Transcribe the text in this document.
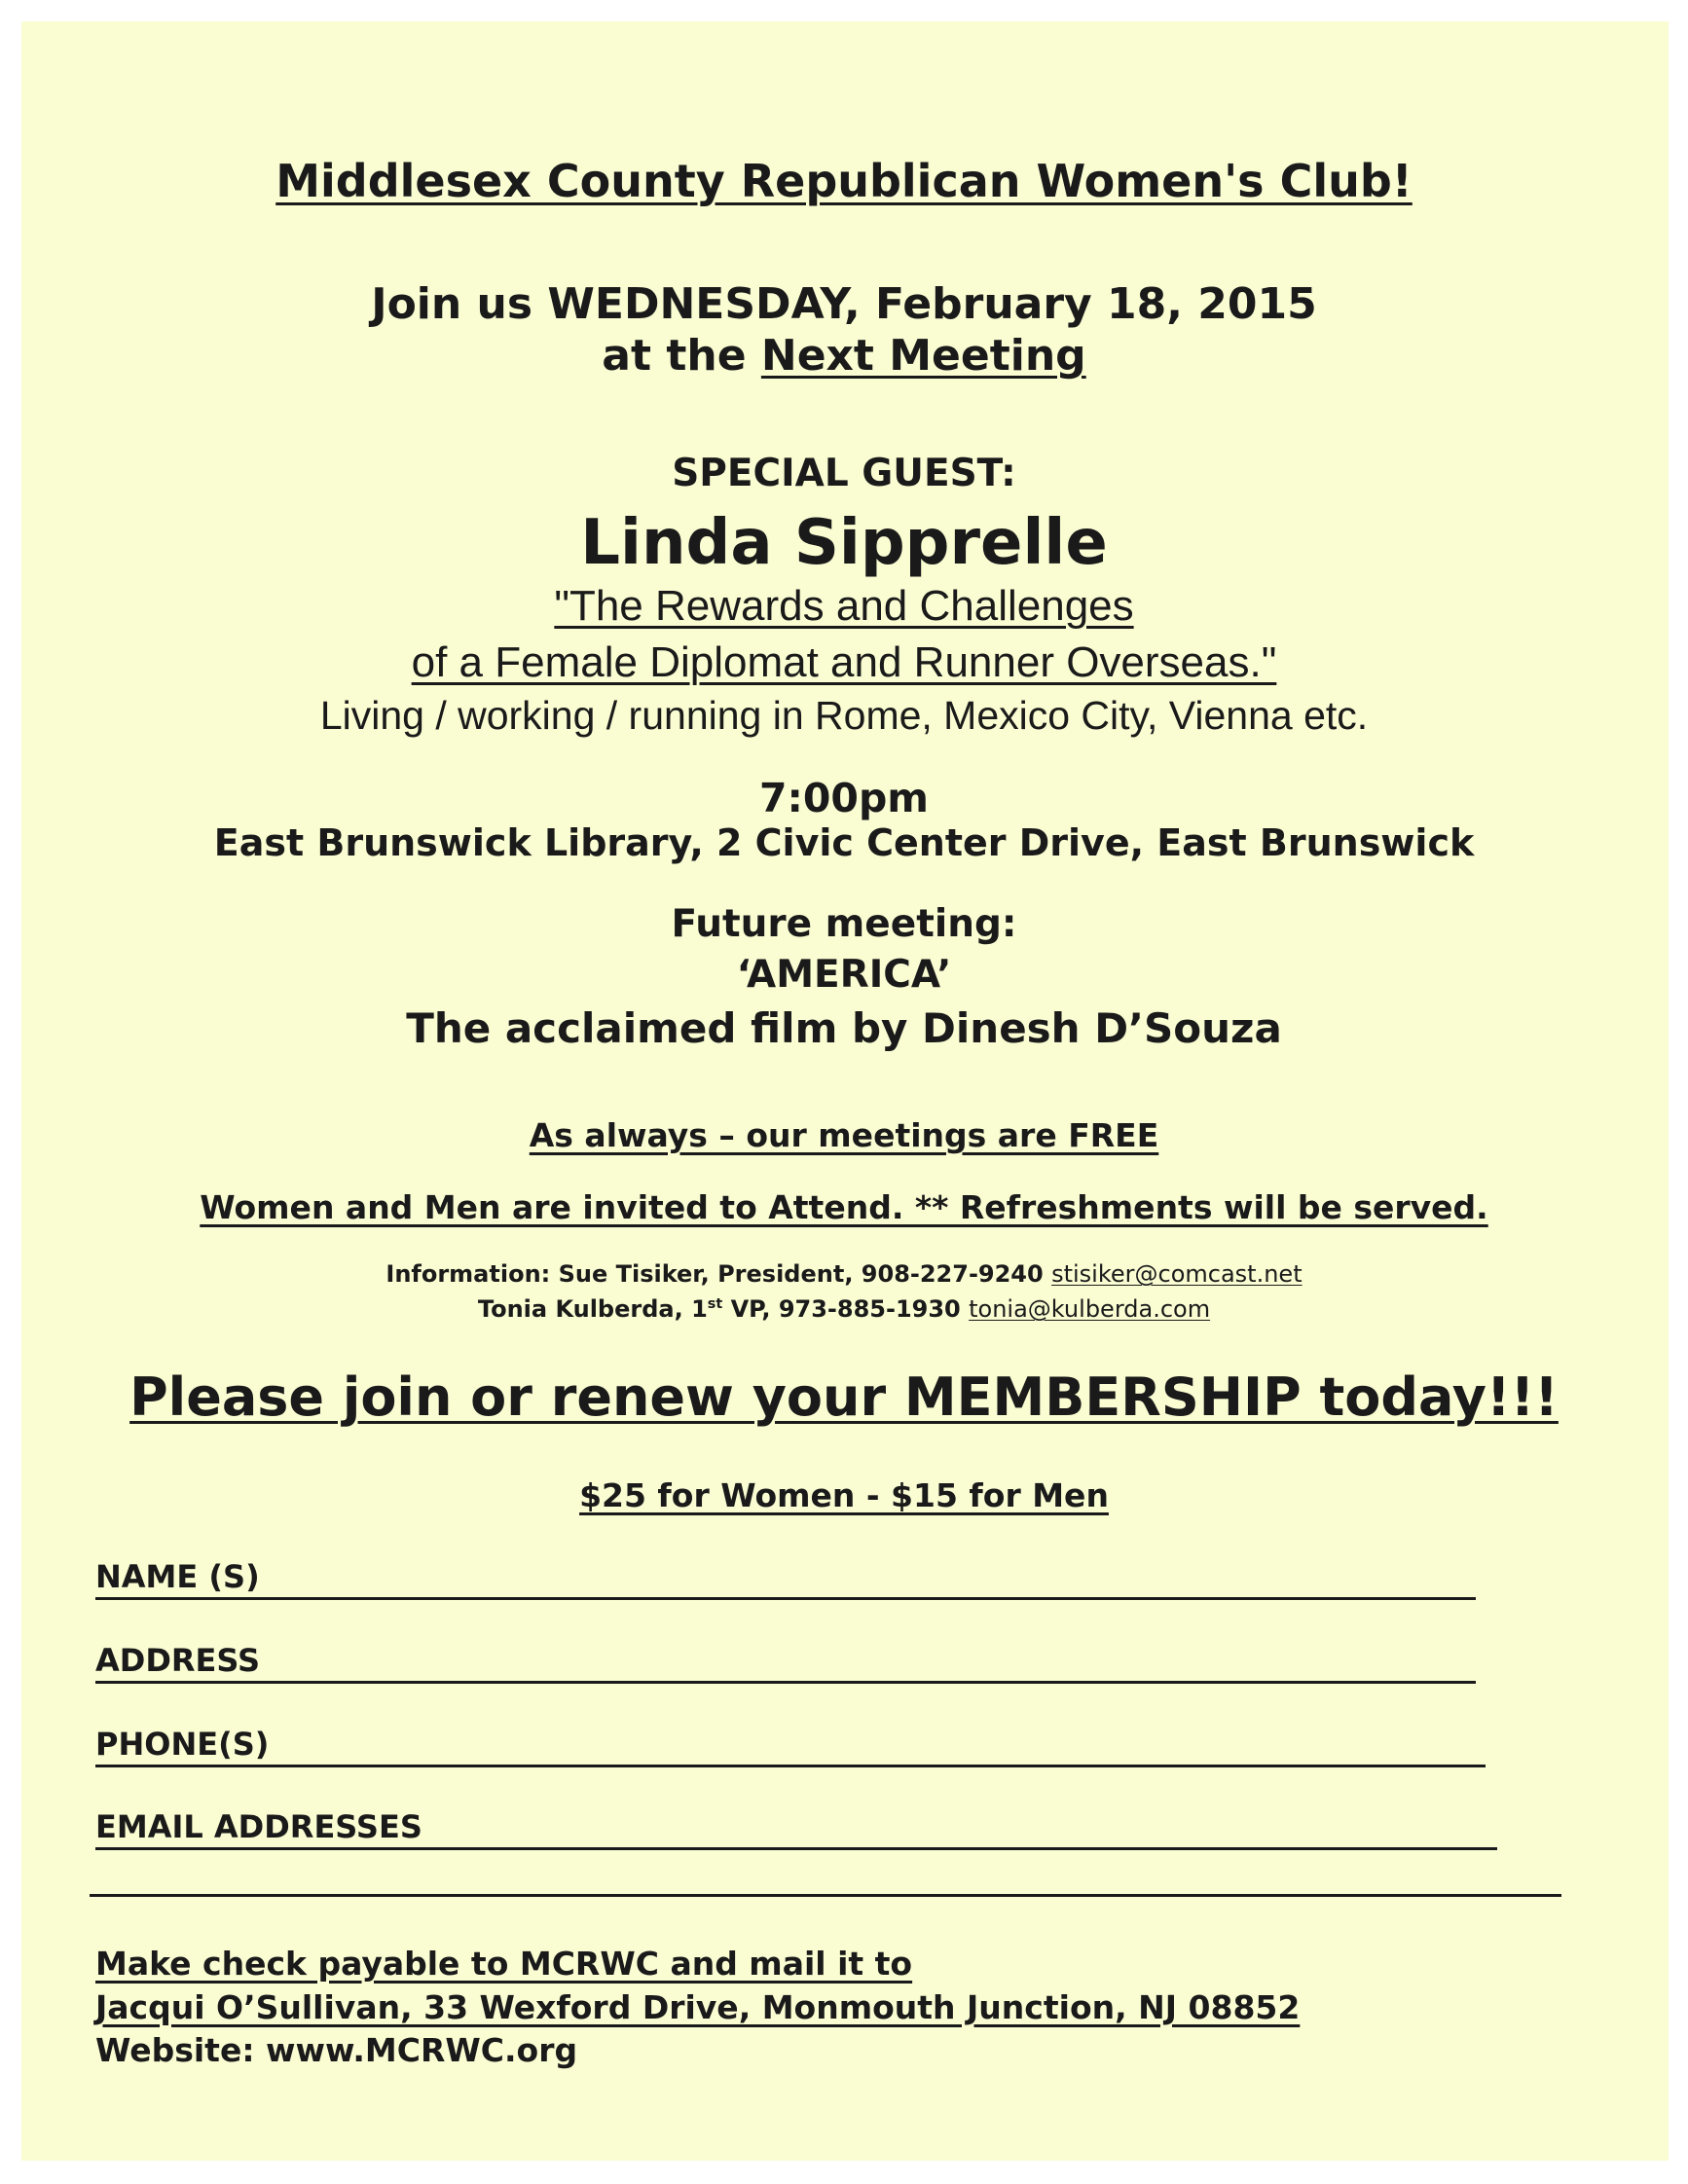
Middlesex County Republican Women's Club!
Join us WEDNESDAY, February 18, 2015
at the Next Meeting
SPECIAL GUEST:
Linda Sipprelle
"The Rewards and Challenges
of a Female Diplomat and Runner Overseas."
Living / working / running in Rome, Mexico City, Vienna etc.
7:00pm
East Brunswick Library, 2 Civic Center Drive, East Brunswick
Future meeting:
‘AMERICA’
The acclaimed film by Dinesh D’Souza
As always – our meetings are FREE
Women and Men are invited to Attend. ** Refreshments will be served.
Information: Sue Tisiker, President, 908-227-9240 stisiker@comcast.net
Tonia Kulberda, 1st VP, 973-885-1930 tonia@kulberda.com
Please join or renew your MEMBERSHIP today!!!
$25 for Women - $15 for Men
NAME (S)
ADDRESS
PHONE(S)
EMAIL ADDRESSES
Make check payable to MCRWC and mail it to
Jacqui O’Sullivan, 33 Wexford Drive, Monmouth Junction, NJ 08852
Website: www.MCRWC.org
